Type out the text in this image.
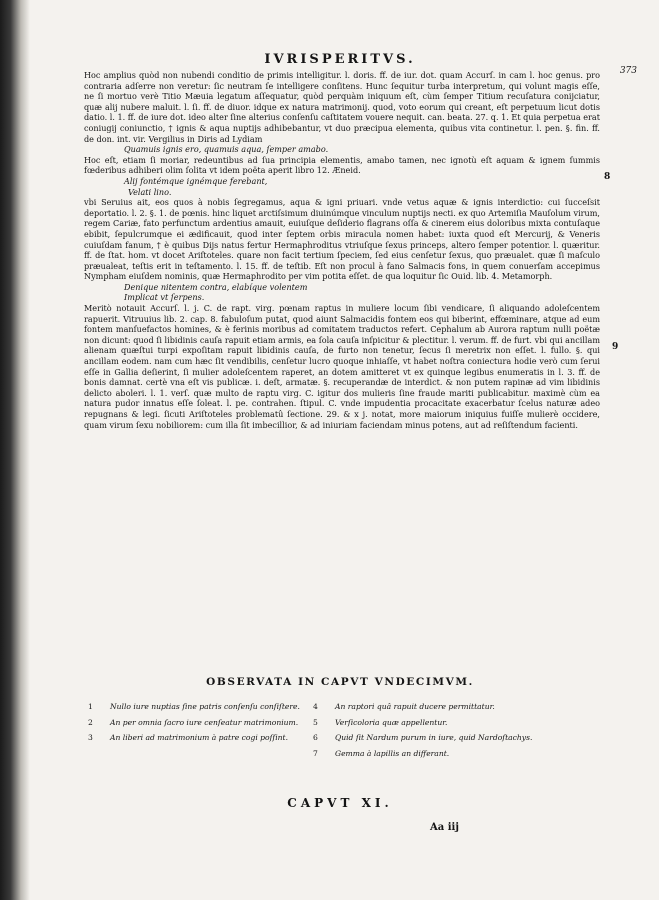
IVRISPERITVS.
373
8
9

Hoc amplius quòd non nubendi conditio de primis intelligitur. l. doris. ff. de iur. dot. quam Accurſ. in cam l. hoc genus. pro contraria adſerre non veretur: ſic neutram ſe intelligere conſitens. Hunc ſequitur turba interpretum, qui volunt magis eſſe, ne ſi mortuo verè Titio Mæuia legatum aſſequatur, quòd perquàm iniquum eſt, cùm ſemper Titium recuſatura conijciatur, quæ alij nubere maluit. l. ſi. ff. de diuor. idque ex natura matrimonij. quod, voto eorum qui creant, eſt perpetuum licut dotis datio. l. 1. ff. de iure dot. ideo alter ſine alterius conſenſu caſtitatem vouere nequit. can. beata. 27. q. 1. Et quia perpetua erat coniugij coniunctio, † ignis & aqua nuptijs adhibebantur, vt duo præcipua elementa, quibus vita continetur. l. pen. §. fin. ff. de don. int. vir. Vergilius in Diris ad Lydiam

Quamuis ignis ero, quamuis aqua, ſemper amabo.

Hoc eſt, etiam ſi moriar, redeuntibus ad ſua principia elementis, amabo tamen, nec ignotù eſt aquam & ignem ſummis fœderibus adhiberi olim ſolita vt idem poëta aperit libro 12. Æneid.

Alij fontémque ignémque ferebant,
Velati lino.

vbi Seruius ait, eos quos à nobis ſegregamus, aqua & igni priuari. vnde vetus aquæ & ignis interdictio: cui ſucceſsit deportatio. l. 2. §. 1. de pœnis. hinc liquet arctiſsimum diuinúmque vinculum nuptijs necti. ex quo Artemiſia Mauſolum virum, regem Cariæ, fato perfunctum ardentius amauit, euiuſque deſiderio flagrans oſſa & cinerem eius doloribus mixta contuſaque ebibit, ſepulcrumque ei ædificauit, quod inter ſeptem orbis miracula nomen habet: iuxta quod eſt Mercurij, & Veneris cuiuſdam fanum, † è quibus Dijs natus fertur Hermaphroditus vtriuſque ſexus princeps, altero ſemper potentior. l. quæritur. ff. de ſtat. hom. vt docet Ariſtoteles. quare non facit tertium ſpeciem, ſed eius cenſetur ſexus, quo præualet. quæ ſi maſculo præualeat, teſtis erit in teſtamento. l. 15. ff. de teſtib. Eſt non procul à fano Salmacis fons, in quem conuerſam accepimus Nympham eiuſdem nominis, quæ Hermaphrodito per vim potita eſſet. de qua loquitur ſic Ouid. lib. 4. Metamorph.

Denique nitentem contra, elabíque volentem
Implicat vt ſerpens.

Meritò notauit Accurſ. l. j. C. de rapt. virg. pœnam raptus in muliere locum ſibi vendicare, ſi aliquando adoleſcentem rapuerit. Vitruuius lib. 2. cap. 8. fabuloſum putat, quod aiunt Salmacidis fontem eos qui biberint, effœminare, atque ad eum fontem manſuefactos homines, & è ferinis moribus ad comitatem traductos refert. Cephalum ab Aurora raptum nulli poëtæ non dicunt: quod ſi libidinis cauſa rapuit etiam armis, ea ſola cauſa inſpicitur & plectitur. l. verum. ff. de furt. vbi qui ancillam alienam quæſtui turpi expoſitam rapuit libidinis cauſa, de furto non tenetur, ſecus ſi meretrix non eſſet. l. fullo. §. qui ancillam eodem. nam cum hæc ſit vendibilis, cenſetur lucro quoque inhiaſſe, vt habet noſtra coniectura hodie verò cum ſerui eſſe in Gallia deſierint, ſi mulier adoleſcentem raperet, an dotem amitteret vt ex quinque legibus enumeratis in l. 3. ff. de bonis damnat. certè vna eſt vis publicæ. i. deſt, armatæ. §. recuperandæ de interdict. & non putem rapinæ ad vim libidinis delicto aboleri. l. 1. verſ. quæ multo de raptu virg. C. igitur dos mulieris ſine fraude mariti publicabitur. maximè cùm ea natura pudor innatus eſſe ſoleat. l. pe. contrahen. ſtipul. C. vnde impudentia procacitate exacerbatur ſcelus naturæ adeo repugnans & legi. ſicuti Ariſtoteles problematû ſectione. 29. & x j. notat, more maiorum iniquius fuiſſe mulierè occidere, quam virum ſexu nobiliorem: cum illa ſit imbecillior, & ad iniuriam faciendam minus potens, aut ad reſiſtendum facienti.

OBSERVATA IN CAPVT VNDECIMVM.
1	Nullo iure nuptias ſine patris conſenſu conſiſtere.
2	An per omnia ſacro iure cenſeatur matrimonium.
3	An liberi ad matrimonium à patre cogi poſſint.
4	An raptori quâ rapuit ducere permittatur.
5	Verſicoloria quæ appellentur.
6	Quid ſit Nardum purum in iure, quid Nardoſtachys.
7	Gemma à lapillis an differant.
CAPVT XI.
Aa iij
